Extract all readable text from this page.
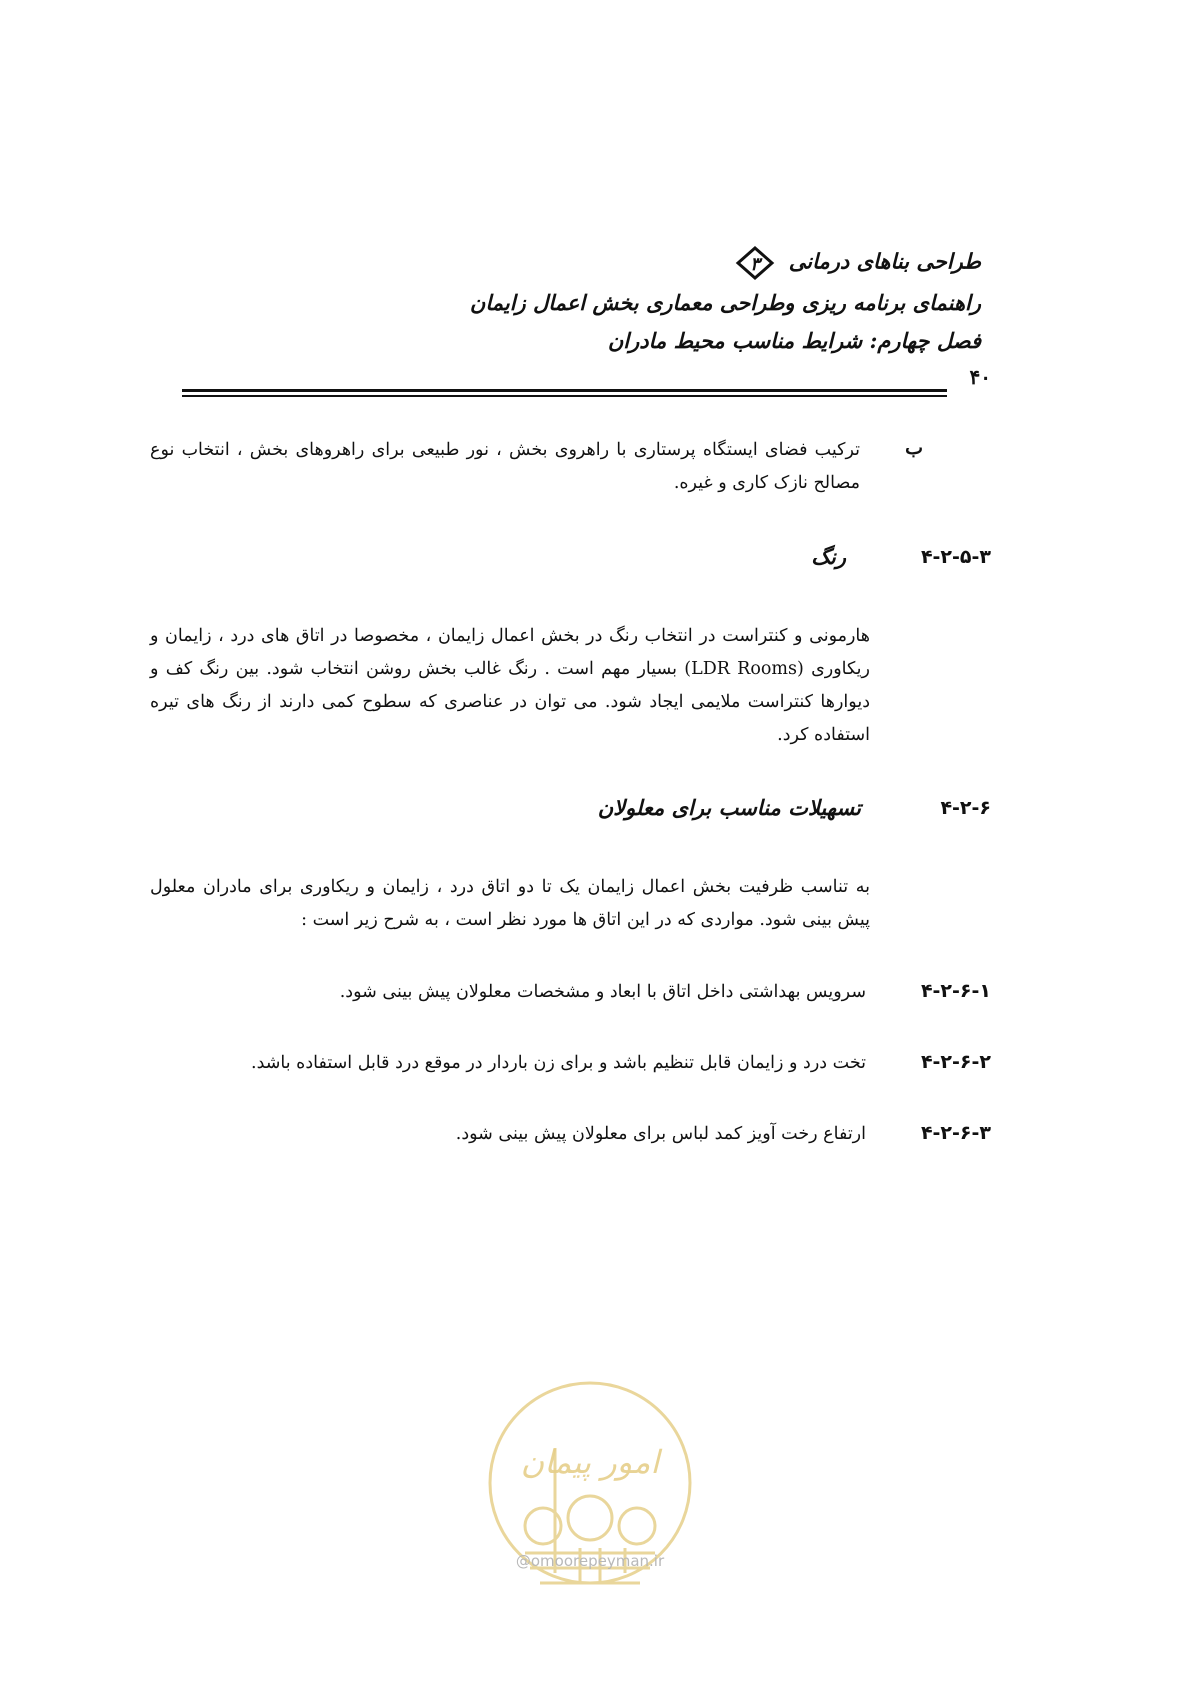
طراحی بناهای درمانی
۳
راهنمای برنامه ریزی وطراحی معماری بخش اعمال زایمان
فصل چهارم: شرایط مناسب محیط مادران
۴۰
ب
ترکیب فضای ایستگاه پرستاری با راهروی بخش ، نور طبیعی برای راهروهای بخش ، انتخاب نوع مصالح نازک کاری و غیره.
۴-۲-۵-۳
رنگ
هارمونی و کنتراست در انتخاب رنگ در بخش اعمال زایمان ، مخصوصا در اتاق های درد ، زایمان و ریکاوری (LDR Rooms) بسیار مهم است . رنگ غالب بخش روشن انتخاب شود. بین رنگ کف و دیوارها کنتراست ملایمی ایجاد شود. می توان در عناصری که سطوح کمی دارند از رنگ های تیره استفاده کرد.
۴-۲-۶
تسهیلات مناسب برای معلولان
به تناسب ظرفیت بخش اعمال زایمان یک تا دو اتاق درد ، زایمان و ریکاوری برای مادران معلول پیش بینی شود. مواردی که در این اتاق ها مورد نظر است ، به شرح زیر است :
۴-۲-۶-۱
سرویس بهداشتی داخل اتاق با ابعاد و مشخصات معلولان پیش بینی شود.
۴-۲-۶-۲
تخت درد و زایمان قابل تنظیم باشد و برای زن باردار در موقع درد قابل استفاده باشد.
۴-۲-۶-۳
ارتفاع رخت آویز کمد لباس برای معلولان پیش بینی شود.
امور پیمان
@omoorepeyman.ir
